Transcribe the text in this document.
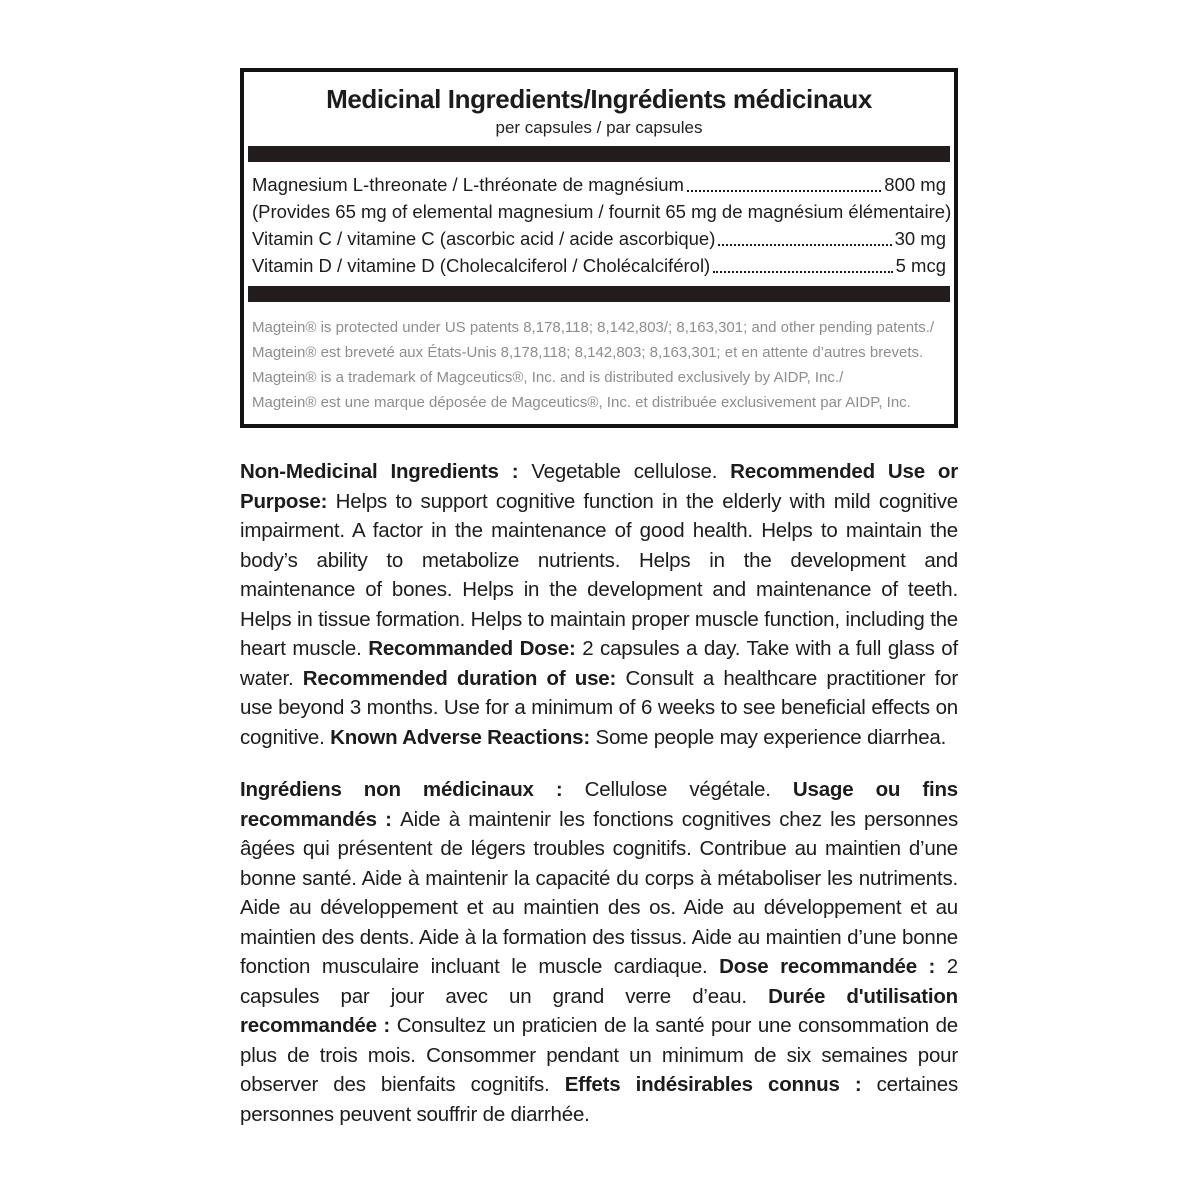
Medicinal Ingredients/Ingrédients médicinaux
per capsules / par capsules
Magnesium L-threonate / L-thréonate de magnésium	800 mg
(Provides 65 mg of elemental magnesium / fournit 65 mg de magnésium élémentaire)
Vitamin C / vitamine C (ascorbic acid / acide ascorbique)	30 mg
Vitamin D / vitamine D (Cholecalciferol / Cholécalciférol)	5 mcg
Magtein® is protected under US patents 8,178,118; 8,142,803/; 8,163,301; and other pending patents./
Magtein® est breveté aux États-Unis 8,178,118; 8,142,803; 8,163,301; et en attente d’autres brevets.
Magtein® is a trademark of Magceutics®, Inc. and is distributed exclusively by AIDP, Inc./
Magtein® est une marque déposée de Magceutics®, Inc. et distribuée exclusivement par AIDP, Inc.

Non-Medicinal Ingredients : Vegetable cellulose. Recommended Use or Purpose: Helps to support cognitive function in the elderly with mild cognitive impairment. A factor in the maintenance of good health. Helps to maintain the body’s ability to metabolize nutrients. Helps in the development and maintenance of bones. Helps in the development and maintenance of teeth. Helps in tissue formation. Helps to maintain proper muscle function, including the heart muscle. Recommanded Dose: 2 capsules a day. Take with a full glass of water. Recommended duration of use: Consult a healthcare practitioner for use beyond 3 months. Use for a minimum of 6 weeks to see beneficial effects on cognitive. Known Adverse Reactions: Some people may experience diarrhea.

Ingrédiens non médicinaux : Cellulose végétale. Usage ou fins recommandés : Aide à maintenir les fonctions cognitives chez les personnes âgées qui présentent de légers troubles cognitifs. Contribue au maintien d’une bonne santé. Aide à maintenir la capacité du corps à métaboliser les nutriments. Aide au développement et au maintien des os. Aide au développement et au maintien des dents. Aide à la formation des tissus. Aide au maintien d’une bonne fonction musculaire incluant le muscle cardiaque. Dose recommandée : 2 capsules par jour avec un grand verre d’eau. Durée d'utilisation recommandée : Consultez un praticien de la santé pour une consommation de plus de trois mois. Consommer pendant un minimum de six semaines pour observer des bienfaits cognitifs. Effets indésirables connus : certaines personnes peuvent souffrir de diarrhée.
